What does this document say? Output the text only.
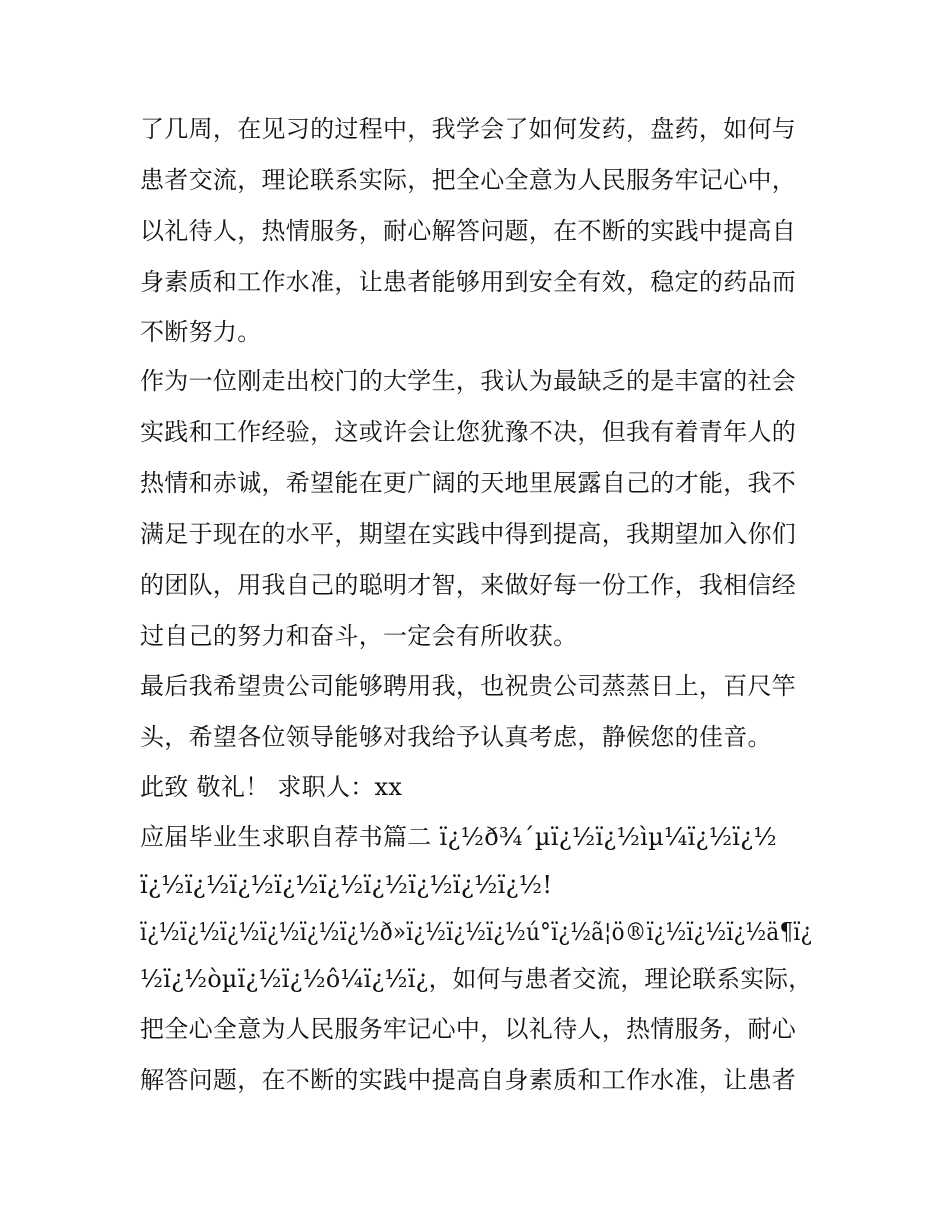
了几周，在见习的过程中，我学会了如何发药，盘药，如何与

患者交流，理论联系实际，把全心全意为人民服务牢记心中，

以礼待人，热情服务，耐心解答问题，在不断的实践中提高自

身素质和工作水准，让患者能够用到安全有效，稳定的药品而

不断努力。

作为一位刚走出校门的大学生，我认为最缺乏的是丰富的社会

实践和工作经验，这或许会让您犹豫不决，但我有着青年人的

热情和赤诚，希望能在更广阔的天地里展露自己的才能，我不

满足于现在的水平，期望在实践中得到提高，我期望加入你们

的团队，用我自己的聪明才智，来做好每一份工作，我相信经

过自己的努力和奋斗，一定会有所收获。

最后我希望贵公司能够聘用我，也祝贵公司蒸蒸日上，百尺竿

头，希望各位领导能够对我给予认真考虑，静候您的佳音。

此致 敬礼！ 求职人：xx

应届毕业生求职自荐书篇二 ï¿½ð¾´µï¿½ï¿½ìµ¼ï¿½ï¿½

ï¿½ï¿½ï¿½ï¿½ï¿½ï¿½ï¿½ï¿½ï¿½!

ï¿½ï¿½ï¿½ï¿½ï¿½ï¿½ð»ï¿½ï¿½ï¿½ú°ï¿½ã¦ö®ï¿½ï¿½ï¿½ä¶ï¿

½ï¿½òµï¿½ï¿½ô¼ï¿½ï¿，如何与患者交流，理论联系实际，

把全心全意为人民服务牢记心中，以礼待人，热情服务，耐心

解答问题，在不断的实践中提高自身素质和工作水准，让患者
